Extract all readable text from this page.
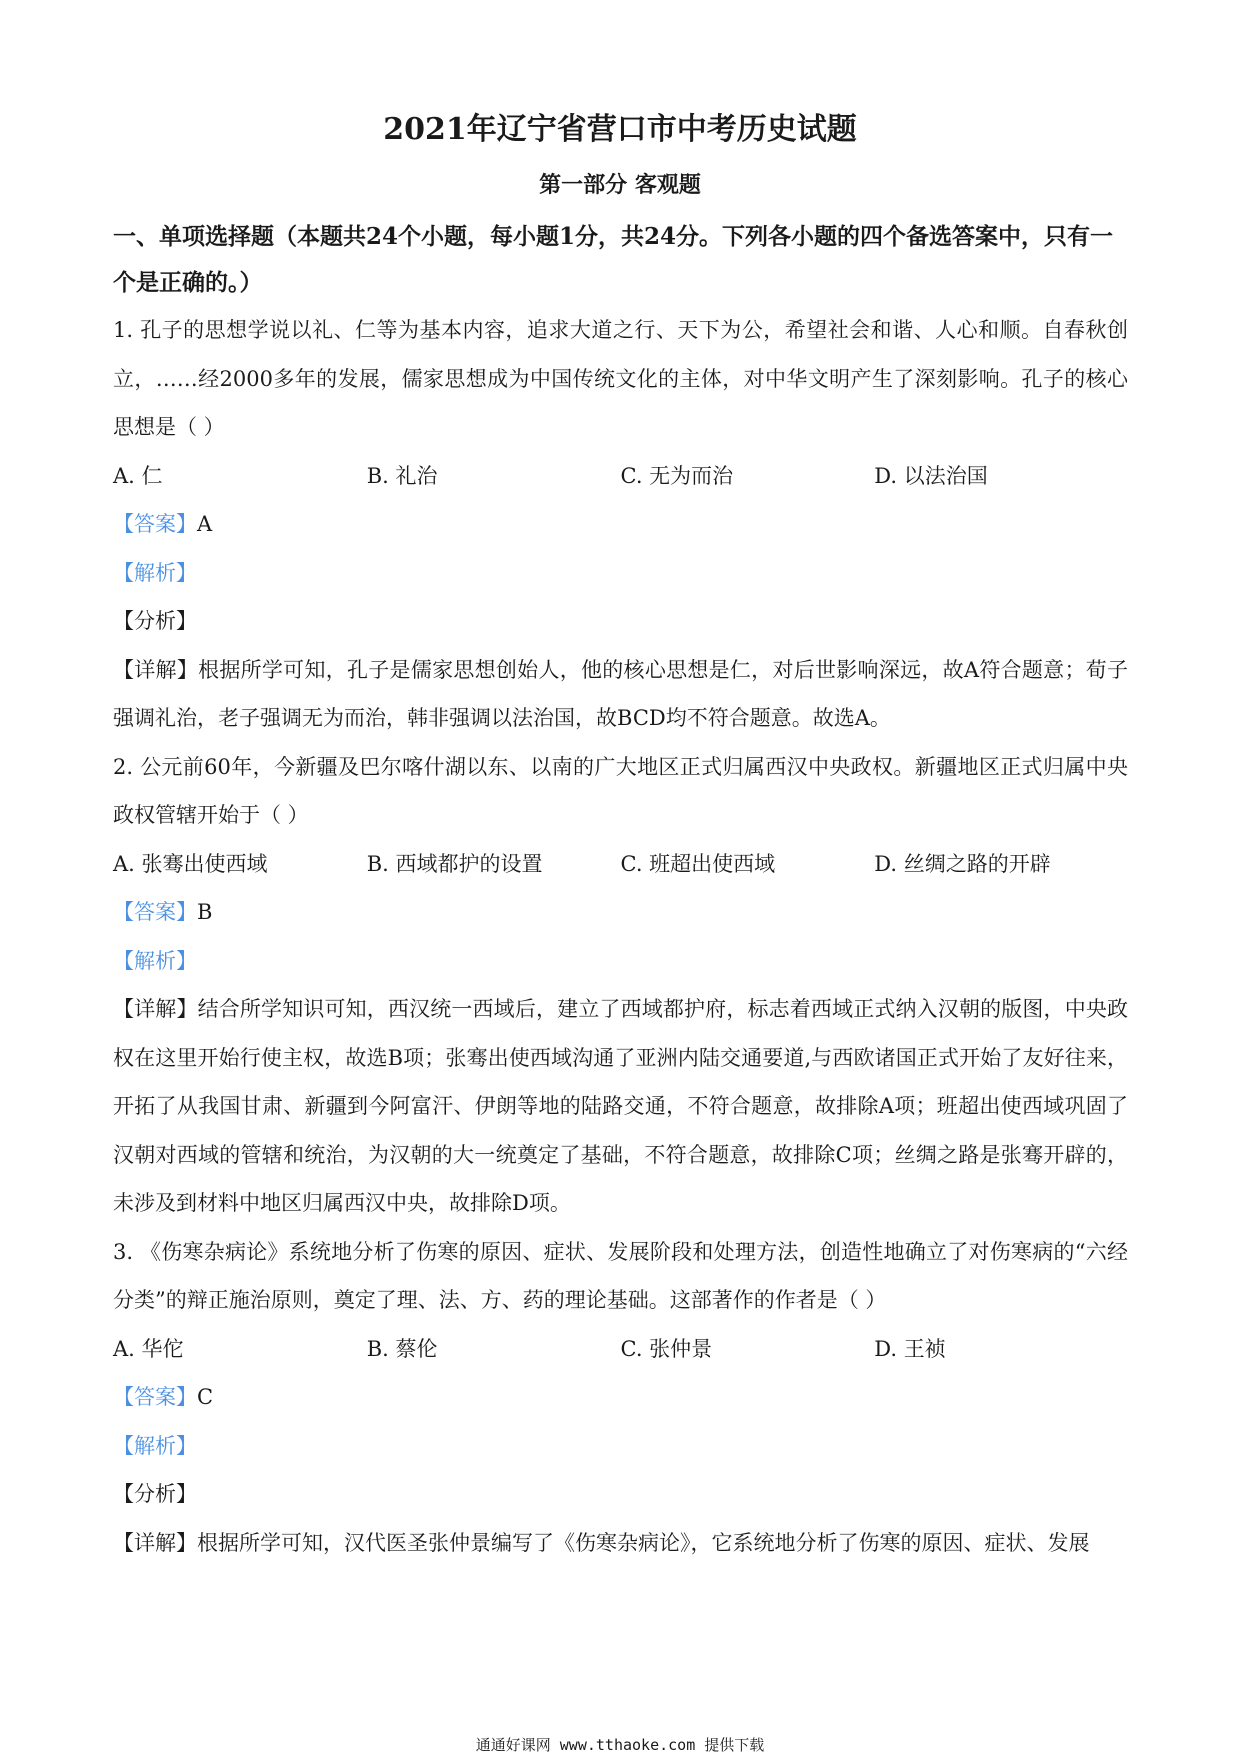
2021年辽宁省营口市中考历史试题
第一部分 客观题
一、单项选择题（本题共24个小题，每小题1分，共24分。下列各小题的四个备选答案中，只有一个是正确的。）

1. 孔子的思想学说以礼、仁等为基本内容，追求大道之行、天下为公，希望社会和谐、人心和顺。自春秋创立，……经2000多年的发展，儒家思想成为中国传统文化的主体，对中华文明产生了深刻影响。孔子的核心思想是（ ）

A. 仁	B. 礼治	C. 无为而治	D. 以法治国

【答案】A

【解析】

【分析】

【详解】根据所学可知，孔子是儒家思想创始人，他的核心思想是仁，对后世影响深远，故A符合题意；荀子强调礼治，老子强调无为而治，韩非强调以法治国，故BCD均不符合题意。故选A。

2. 公元前60年，今新疆及巴尔喀什湖以东、以南的广大地区正式归属西汉中央政权。新疆地区正式归属中央政权管辖开始于（ ）

A. 张骞出使西域	B. 西域都护的设置	C. 班超出使西域	D. 丝绸之路的开辟

【答案】B

【解析】

【详解】结合所学知识可知，西汉统一西域后，建立了西域都护府，标志着西域正式纳入汉朝的版图，中央政权在这里开始行使主权，故选B项；张骞出使西域沟通了亚洲内陆交通要道,与西欧诸国正式开始了友好往来，开拓了从我国甘肃、新疆到今阿富汗、伊朗等地的陆路交通，不符合题意，故排除A项；班超出使西域巩固了汉朝对西域的管辖和统治，为汉朝的大一统奠定了基础，不符合题意，故排除C项；丝绸之路是张骞开辟的，未涉及到材料中地区归属西汉中央，故排除D项。

3. 《伤寒杂病论》系统地分析了伤寒的原因、症状、发展阶段和处理方法，创造性地确立了对伤寒病的“六经分类”的辩正施治原则，奠定了理、法、方、药的理论基础。这部著作的作者是（ ）

A. 华佗	B. 蔡伦	C. 张仲景	D. 王祯

【答案】C

【解析】

【分析】

【详解】根据所学可知，汉代医圣张仲景编写了《伤寒杂病论》，它系统地分析了伤寒的原因、症状、发展

通通好课网 www.tthaoke.com 提供下载
